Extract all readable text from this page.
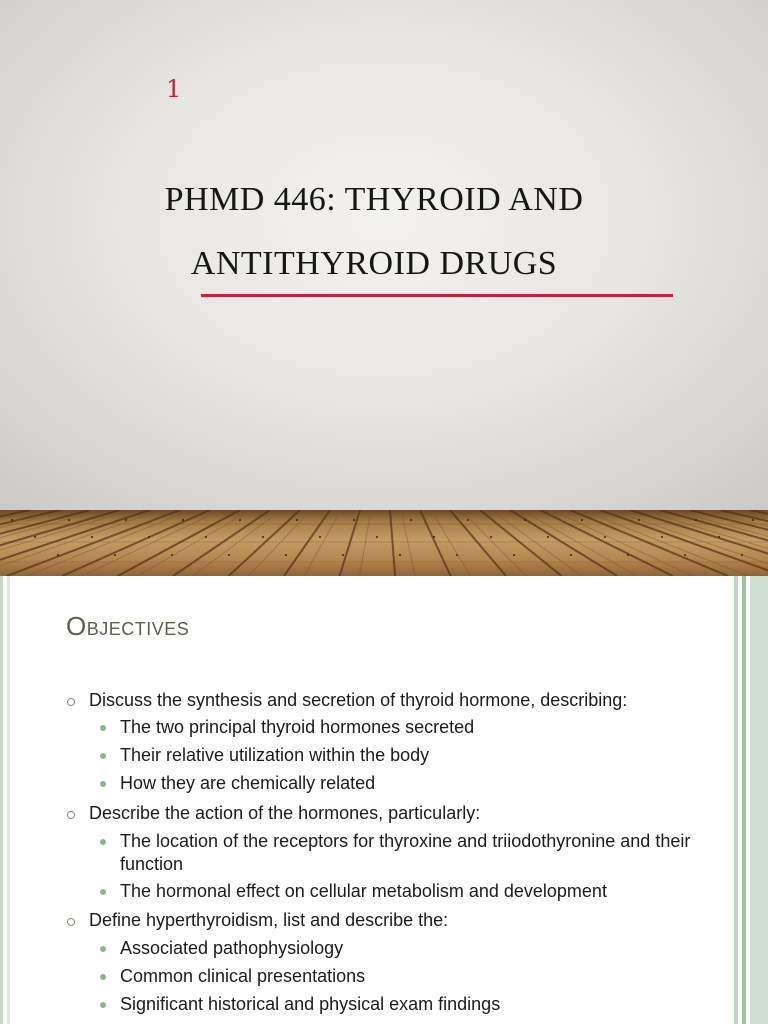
1
PHMD 446: THYROID AND
ANTITHYROID DRUGS
Objectives

Discuss the synthesis and secretion of thyroid hormone, describing:

The two principal thyroid hormones secreted

Their relative utilization within the body

How they are chemically related

Describe the action of the hormones, particularly:

The location of the receptors for thyroxine and triiodothyronine and their function

The hormonal effect on cellular metabolism and development

Define hyperthyroidism, list and describe the:

Associated pathophysiology

Common clinical presentations

Significant historical and physical exam findings
